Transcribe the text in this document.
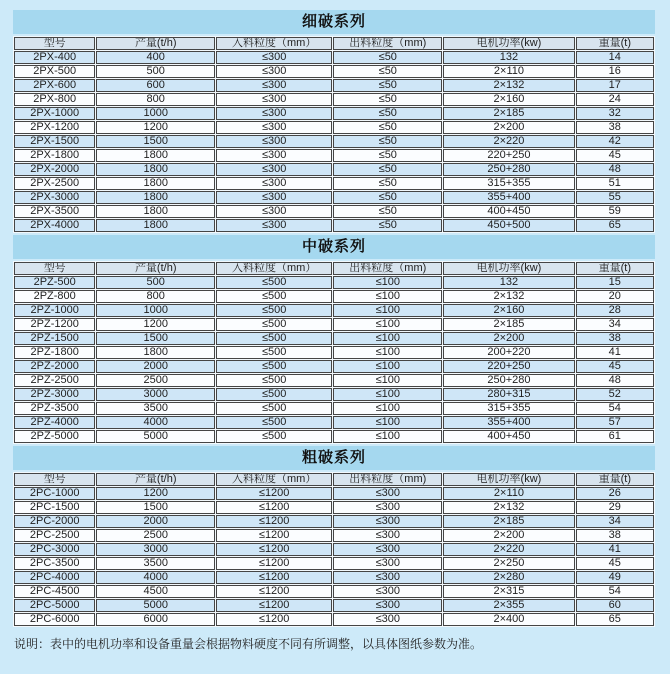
细破系列
型号	产量(t/h)	入料粒度（mm）	出料粒度（mm)	电机功率(kw)	重量(t)
2PX-400	400	≤300	≤50	132	14
2PX-500	500	≤300	≤50	2×110	16
2PX-600	600	≤300	≤50	2×132	17
2PX-800	800	≤300	≤50	2×160	24
2PX-1000	1000	≤300	≤50	2×185	32
2PX-1200	1200	≤300	≤50	2×200	38
2PX-1500	1500	≤300	≤50	2×220	42
2PX-1800	1800	≤300	≤50	220+250	45
2PX-2000	1800	≤300	≤50	250+280	48
2PX-2500	1800	≤300	≤50	315+355	51
2PX-3000	1800	≤300	≤50	355+400	55
2PX-3500	1800	≤300	≤50	400+450	59
2PX-4000	1800	≤300	≤50	450+500	65
中破系列
型号	产量(t/h)	入料粒度（mm）	出料粒度（mm)	电机功率(kw)	重量(t)
2PZ-500	500	≤500	≤100	132	15
2PZ-800	800	≤500	≤100	2×132	20
2PZ-1000	1000	≤500	≤100	2×160	28
2PZ-1200	1200	≤500	≤100	2×185	34
2PZ-1500	1500	≤500	≤100	2×200	38
2PZ-1800	1800	≤500	≤100	200+220	41
2PZ-2000	2000	≤500	≤100	220+250	45
2PZ-2500	2500	≤500	≤100	250+280	48
2PZ-3000	3000	≤500	≤100	280+315	52
2PZ-3500	3500	≤500	≤100	315+355	54
2PZ-4000	4000	≤500	≤100	355+400	57
2PZ-5000	5000	≤500	≤100	400+450	61
粗破系列
型号	产量(t/h)	入料粒度（mm）	出料粒度（mm)	电机功率(kw)	重量(t)
2PC-1000	1200	≤1200	≤300	2×110	26
2PC-1500	1500	≤1200	≤300	2×132	29
2PC-2000	2000	≤1200	≤300	2×185	34
2PC-2500	2500	≤1200	≤300	2×200	38
2PC-3000	3000	≤1200	≤300	2×220	41
2PC-3500	3500	≤1200	≤300	2×250	45
2PC-4000	4000	≤1200	≤300	2×280	49
2PC-4500	4500	≤1200	≤300	2×315	54
2PC-5000	5000	≤1200	≤300	2×355	60
2PC-6000	6000	≤1200	≤300	2×400	65

说明：表中的电机功率和设备重量会根据物料硬度不同有所调整，以具体图纸参数为准。
